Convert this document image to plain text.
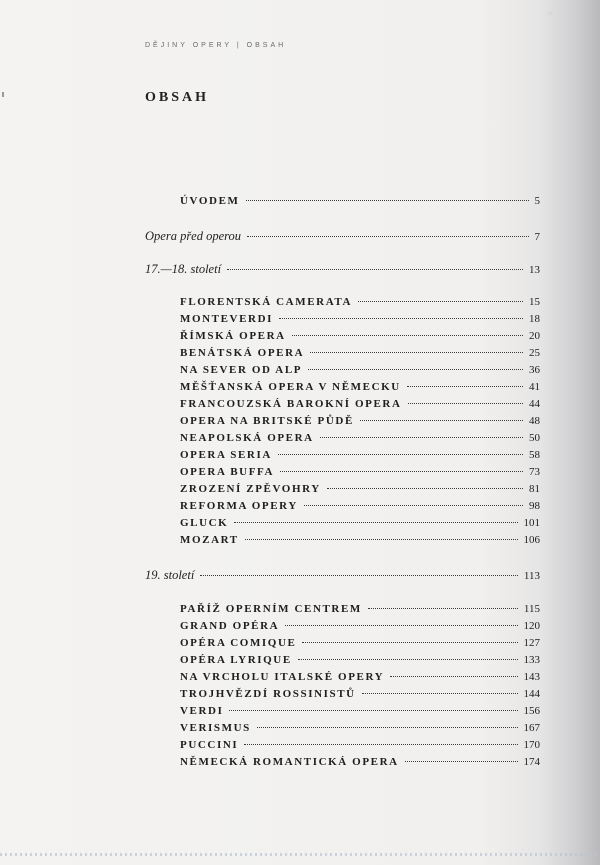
DĚJINY OPERY | OBSAH
OBSAH
ÚVODEM	5
Opera před operou	7
17.—18. století	13
FLORENTSKÁ CAMERATA	15
MONTEVERDI	18
ŘÍMSKÁ OPERA	20
BENÁTSKÁ OPERA	25
NA SEVER OD ALP	36
MĚŠŤANSKÁ OPERA V NĚMECKU	41
FRANCOUZSKÁ BAROKNÍ OPERA	44
OPERA NA BRITSKÉ PŮDĚ	48
NEAPOLSKÁ OPERA	50
OPERA SERIA	58
OPERA BUFFA	73
ZROZENÍ ZPĚVOHRY	81
REFORMA OPERY	98
GLUCK	101
MOZART	106
19. století	113
PAŘÍŽ OPERNÍM CENTREM	115
GRAND OPÉRA	120
OPÉRA COMIQUE	127
OPÉRA LYRIQUE	133
NA VRCHOLU ITALSKÉ OPERY	143
TROJHVĚZDÍ ROSSINISTŮ	144
VERDI	156
VERISMUS	167
PUCCINI	170
NĚMECKÁ ROMANTICKÁ OPERA	174
